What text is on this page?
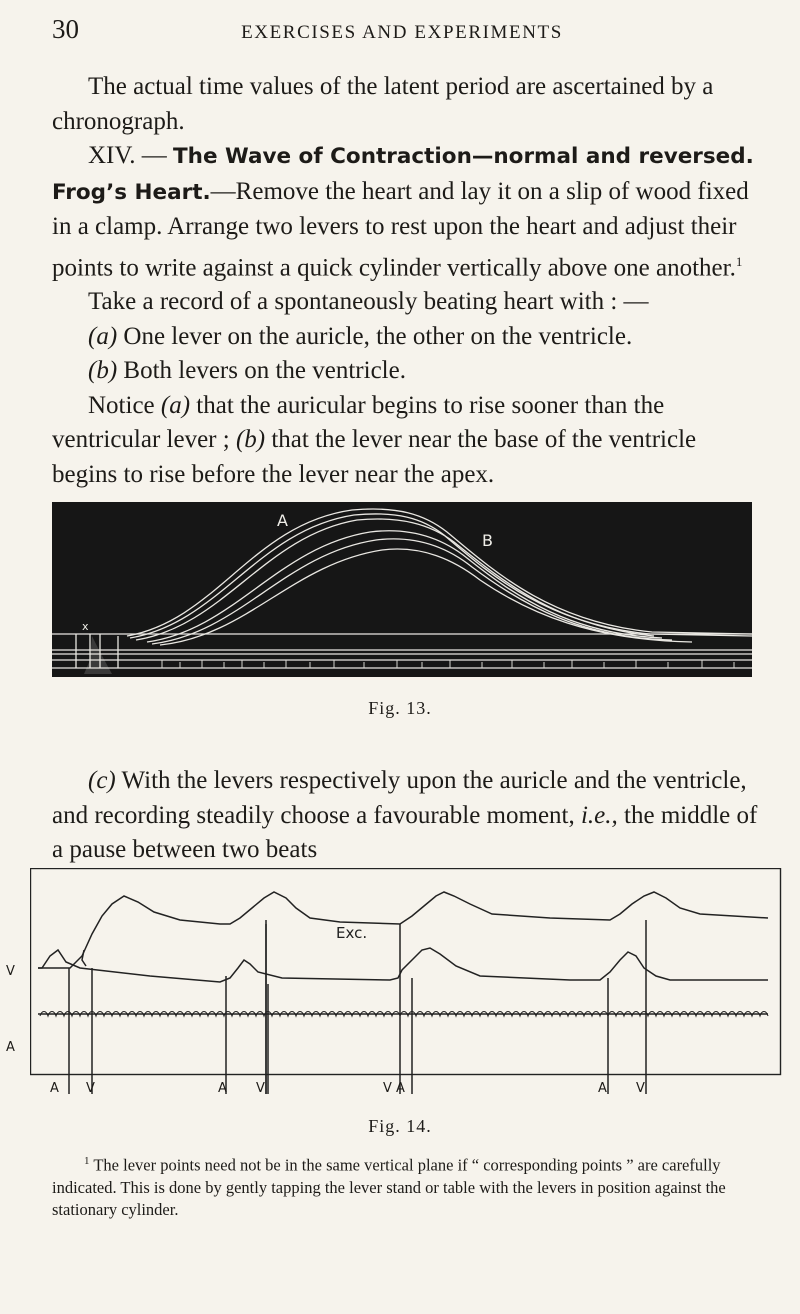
30	EXERCISES AND EXPERIMENTS

The actual time values of the latent period are ascertained by a chronograph.

XIV. — The Wave of Contraction—normal and reversed. Frog’s Heart.—Remove the heart and lay it on a slip of wood fixed in a clamp. Arrange two levers to rest upon the heart and adjust their points to write against a quick cylinder vertically above one another.$^1$

Take a record of a spontaneously beating heart with : —

(a) One lever on the auricle, the other on the ventricle.

(b) Both levers on the ventricle.

Notice (a) that the auricular begins to rise sooner than the ventricular lever ; (b) that the lever near the base of the ventricle begins to rise before the lever near the apex.

A
B
x
Fig. 13.

(c) With the levers respectively upon the auricle and the ventricle, and recording steadily choose a favourable moment, i.e., the middle of a pause between two beats

Exc.
V
A
A V	A V	V A	A V
Fig. 14.
$^1$ The lever points need not be in the same vertical plane if “ corresponding points ” are carefully indicated. This is done by gently tapping the lever stand or table with the levers in position against the stationary cylinder.
